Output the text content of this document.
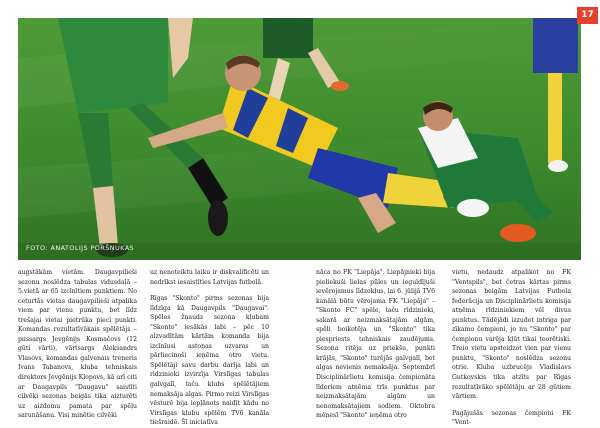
FOTO: ANATOLIJS PORŠŅUKAS
17

augstākām vietām. Daugavpilieši sezonu noslēdza tabulas vidusdaļā – 5.vietā ar 65 izcīnītiem punktiem. No ceturtās vietas daugavpilieši atpalika viem par vienu punktu, bet līdz trešajai vietai pietrūka pieci punkti. Komandas rezultatīvākais spēlētājs – pussargs Jevgēnijs Kosmačovs (12 gūti vārti), vārtsargs Aleksandrs Vlasovs, komandas galvenais treneris Ivans Tabanovs, kluba tehniskais direktors Jevgēnijs Klopovs, kā arī citi ar Daugavpils "Daugavu" saistīti cilvēki sezonas beigās tika aizturēti uz aizdomu pamata par spēļu sarunāšanu. Visi minētie cilvēki

uz nenoteiktu laiku ir diskvalificēti un nedrīkst iesaistīties Latvijas futbolā.

Rīgas "Skonto" pirms sezonas bija līdzīga kā Daugavpils "Daugavai". Spēles žņaudz sezona klubam "Skonto" iesākās labi – pēc 10 aizvadītām kārtām komanda bija izcīnīusi astoņas uzvaras un pārliecinoši ieņēma otro vietu. Spēlētāji savu darbu darīja labi un ridzinieki izvirzīja Virslīgas tabulas galvgalī, taču klubs spēlētājiem nemaksāja algas. Pirmo reizi Virslīgas vēsturē bija iepļānots naidīt kādu no Virslīgas klubu spēlēm TV6 kanāla tiešraidē. Šī iniciatīva

nāca no FK "Liepāja". Liepājnieki bija pieliekuši lielas pūles un ieguldījuši ievērojamus līdzekļus, lai 6. jūlijā TV6 kanālā būtu vērojama FK "Liepāja" – "Skonto FC" spēle, taču rīdzinieki, sakarā ar neizmaksātajām algām, spēli boikotēja un "Skonto" tika piespriests tehniskais zaudējums. Sezona ritēja uz priekšu, punkti krājās, "Skonto" turējās galvgalī, bet algas nevienis nemaksāja. Septembrī Disciplinārlietu komisija čempionāta līderiem atņēma trīs punktus par neizmaksātajām algām un nenomaksātajiem sodiem. Oktobra mēnesī "Skonto" ieņēma otro

vietu, nedaudz atpalikot no FK "Ventspils", bet četras kārtas pirms sezonas beigām Latvijas Futbola federācija un Disciplinārlietu komisija atņēma rīdziniekiem vēl divus punktus. Tādējādi izzudot intriga par zīkamo čempioni, jo nu "Skonto" par čempionu varēja kļūt tikai teorētiski. Treio vietu apsteidzot vien par vienu punktu, "Skonto" noslēdza sezonu otrie. Kluba uzbrucējs Vladislavs Gutkovskis tika atzīts par Rīgas rezultatīvāko spēlētāju ar 28 gūtiem vārtiem.

Pagājušās sezonas čempioni FK "Vent-
